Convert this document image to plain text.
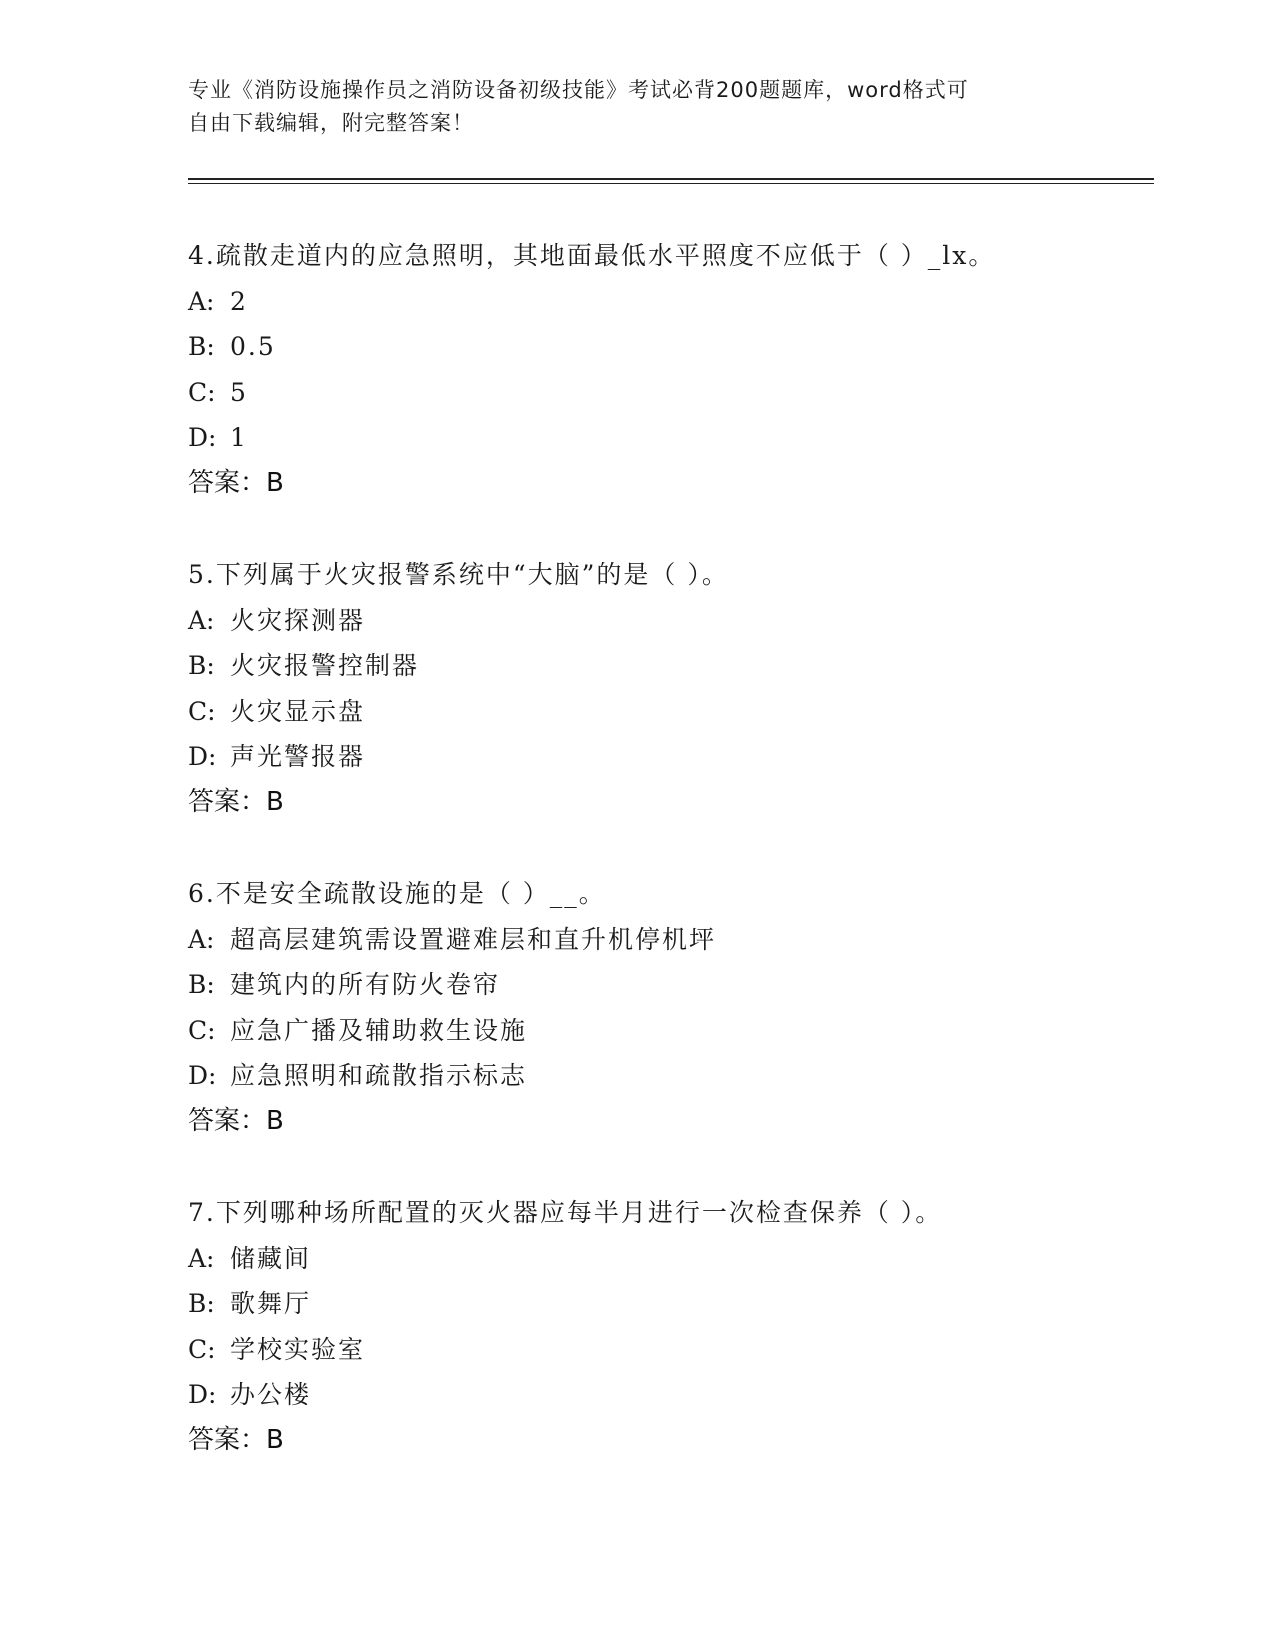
专业《消防设施操作员之消防设备初级技能》考试必背200题题库，word格式可
自由下载编辑，附完整答案！
4.疏散走道内的应急照明，其地面最低水平照度不应低于（ ）_lx。
A: 2
B: 0.5
C: 5
D: 1
答案：B
5.下列属于火灾报警系统中“大脑”的是（ ）。
A: 火灾探测器
B: 火灾报警控制器
C: 火灾显示盘
D: 声光警报器
答案：B
6.不是安全疏散设施的是（ ）__。
A: 超高层建筑需设置避难层和直升机停机坪
B: 建筑内的所有防火卷帘
C: 应急广播及辅助救生设施
D: 应急照明和疏散指示标志
答案：B
7.下列哪种场所配置的灭火器应每半月进行一次检查保养（ ）。
A: 储藏间
B: 歌舞厅
C: 学校实验室
D: 办公楼
答案：B
